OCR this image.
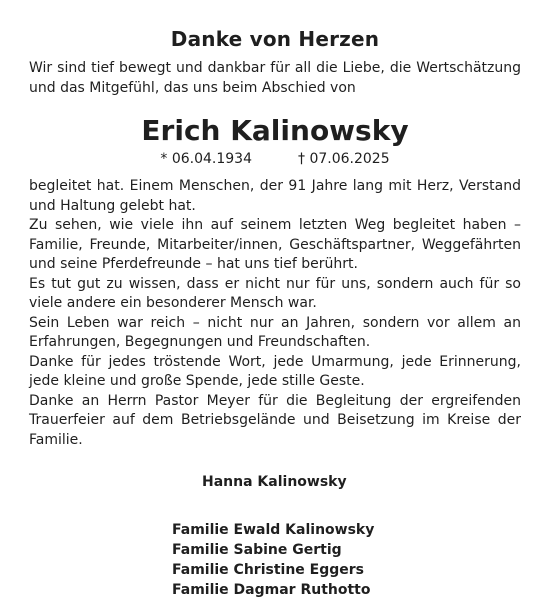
Danke von Herzen

Wir sind tief bewegt und dankbar für all die Liebe, die Wertschätzung und das Mitgefühl, das uns beim Abschied von

Erich Kalinowsky
* 06.04.1934	† 07.06.2025

begleitet hat. Einem Menschen, der 91 Jahre lang mit Herz, Verstand und Haltung gelebt hat.

Zu sehen, wie viele ihn auf seinem letzten Weg begleitet haben – Familie, Freunde, Mitarbeiter/innen, Geschäftspartner, Weggefährten und seine Pferdefreunde – hat uns tief berührt.

Es tut gut zu wissen, dass er nicht nur für uns, sondern auch für so viele andere ein besonderer Mensch war.

Sein Leben war reich – nicht nur an Jahren, sondern vor allem an Erfahrungen, Begegnungen und Freundschaften.

Danke für jedes tröstende Wort, jede Umarmung, jede Erinnerung, jede kleine und große Spende, jede stille Geste.

Danke an Herrn Pastor Meyer für die Begleitung der ergreifenden Trauerfeier auf dem Betriebsgelände und Beisetzung im Kreise der Familie.

Hanna Kalinowsky
Familie Ewald Kalinowsky
Familie Sabine Gertig
Familie Christine Eggers
Familie Dagmar Ruthotto
